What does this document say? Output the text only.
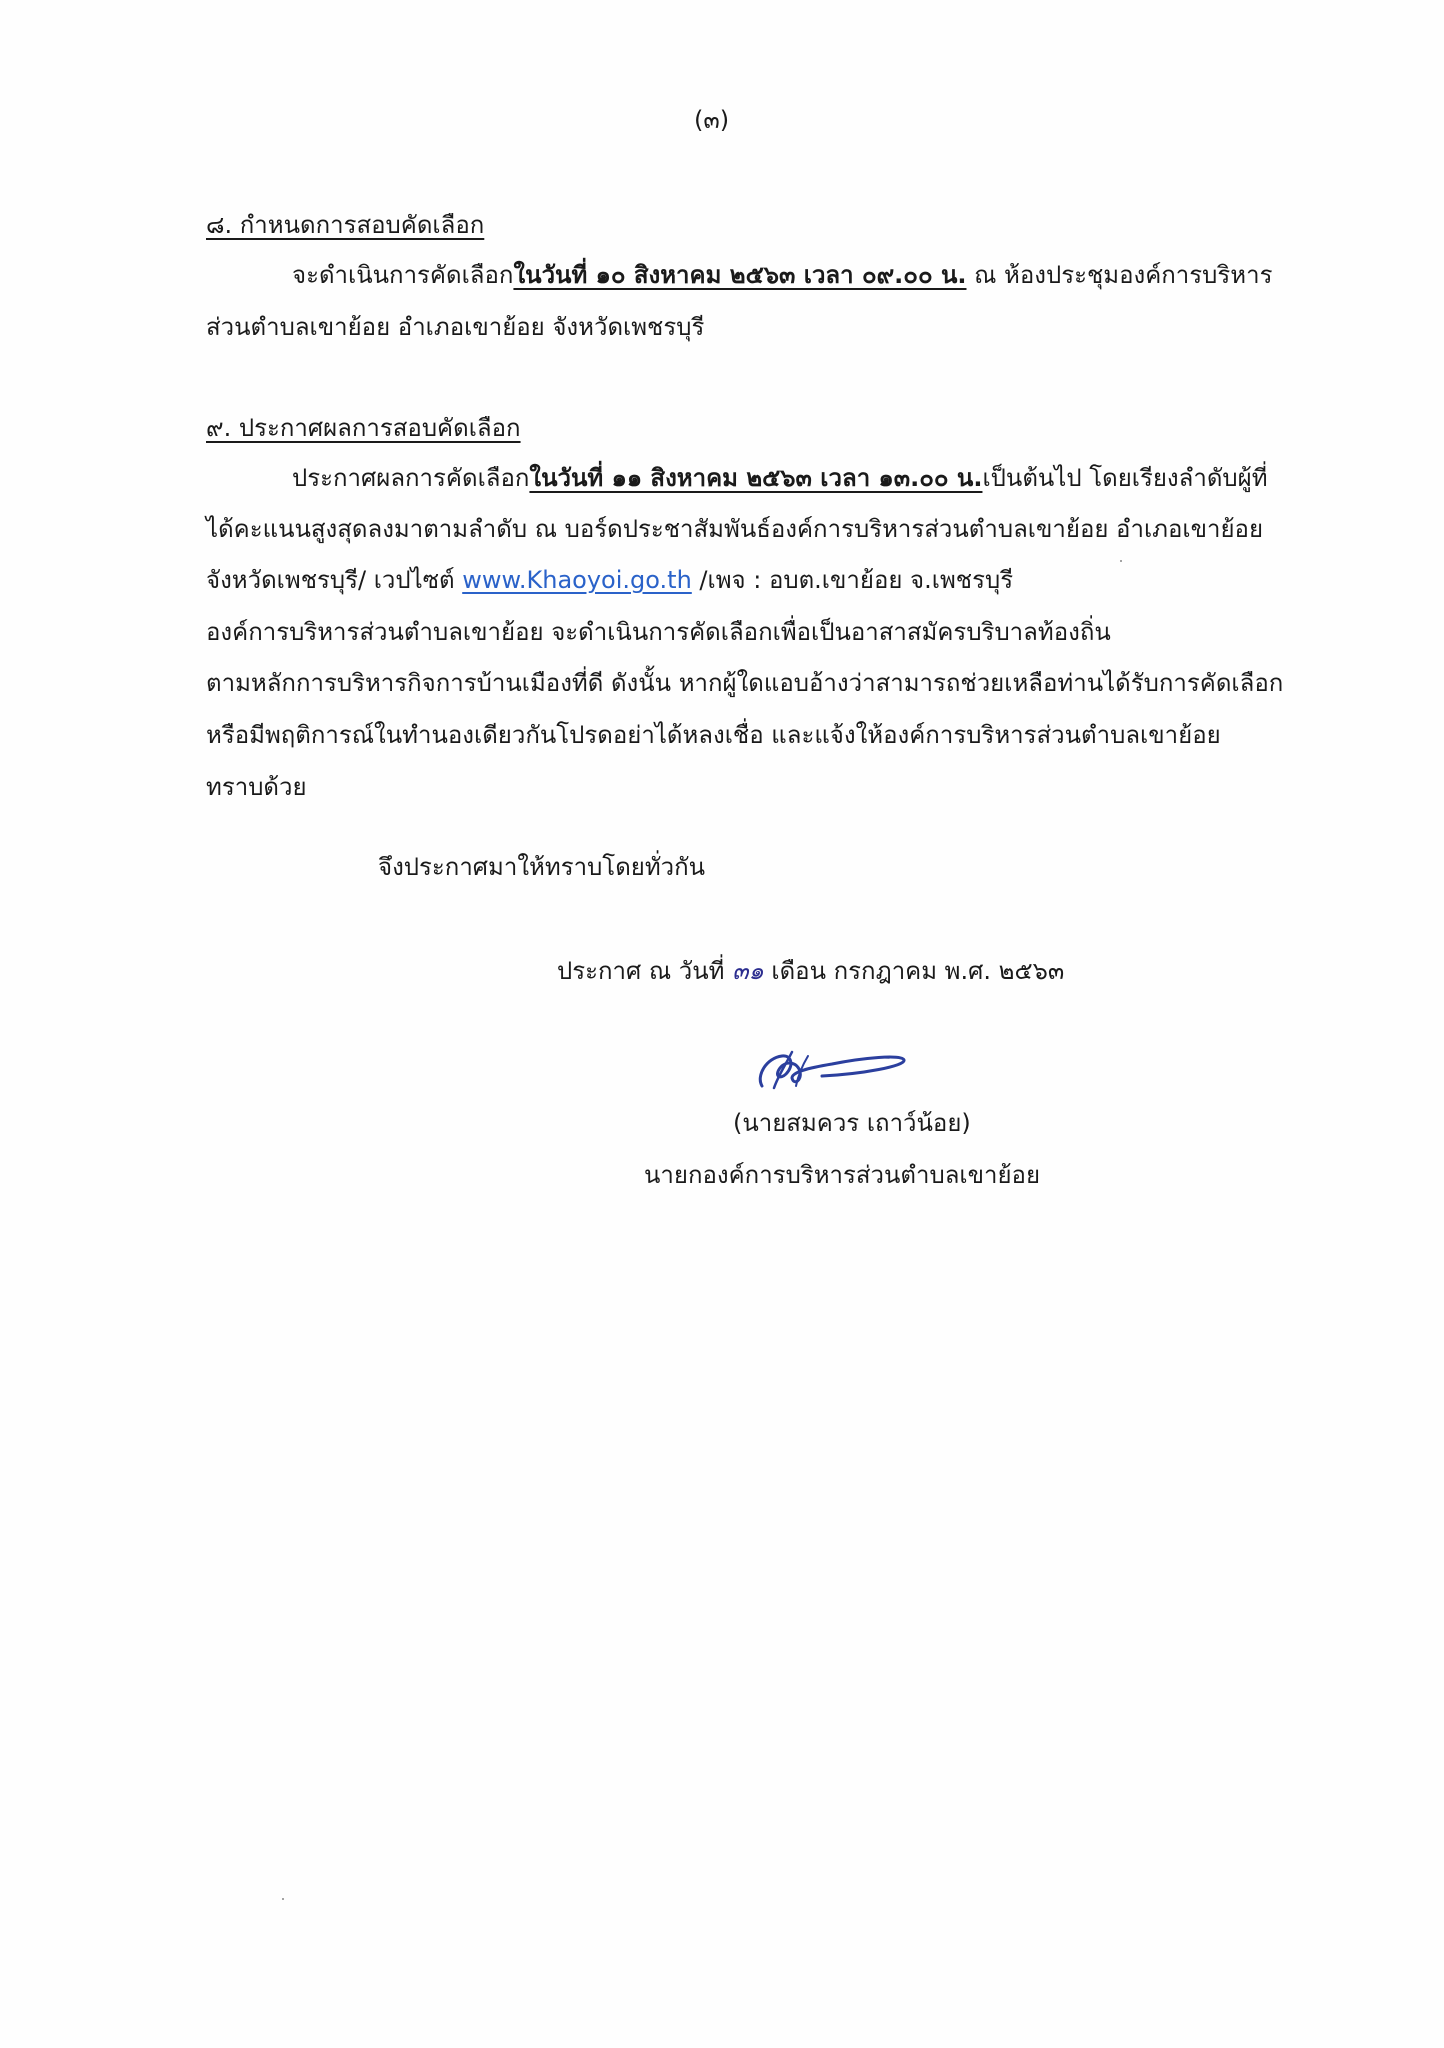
(๓)
๘. กำหนดการสอบคัดเลือก
จะดำเนินการคัดเลือกในวันที่ ๑๐ สิงหาคม ๒๕๖๓ เวลา ๐๙.๐๐ น. ณ ห้องประชุมองค์การบริหาร
ส่วนตำบลเขาย้อย อำเภอเขาย้อย จังหวัดเพชรบุรี
๙. ประกาศผลการสอบคัดเลือก
ประกาศผลการคัดเลือกในวันที่ ๑๑ สิงหาคม ๒๕๖๓ เวลา ๑๓.๐๐ น.เป็นต้นไป โดยเรียงลำดับผู้ที่
ได้คะแนนสูงสุดลงมาตามลำดับ ณ บอร์ดประชาสัมพันธ์องค์การบริหารส่วนตำบลเขาย้อย อำเภอเขาย้อย
จังหวัดเพชรบุรี/ เวปไซต์ www.Khaoyoi.go.th /เพจ : อบต.เขาย้อย จ.เพชรบุรี
องค์การบริหารส่วนตำบลเขาย้อย จะดำเนินการคัดเลือกเพื่อเป็นอาสาสมัครบริบาลท้องถิ่น
ตามหลักการบริหารกิจการบ้านเมืองที่ดี ดังนั้น หากผู้ใดแอบอ้างว่าสามารถช่วยเหลือท่านได้รับการคัดเลือก
หรือมีพฤติการณ์ในทำนองเดียวกันโปรดอย่าได้หลงเชื่อ และแจ้งให้องค์การบริหารส่วนตำบลเขาย้อย
ทราบด้วย
จึงประกาศมาให้ทราบโดยทั่วกัน
ประกาศ ณ วันที่ ๓๑ เดือน กรกฎาคม พ.ศ. ๒๕๖๓
(นายสมควร เถาว์น้อย)
นายกองค์การบริหารส่วนตำบลเขาย้อย
